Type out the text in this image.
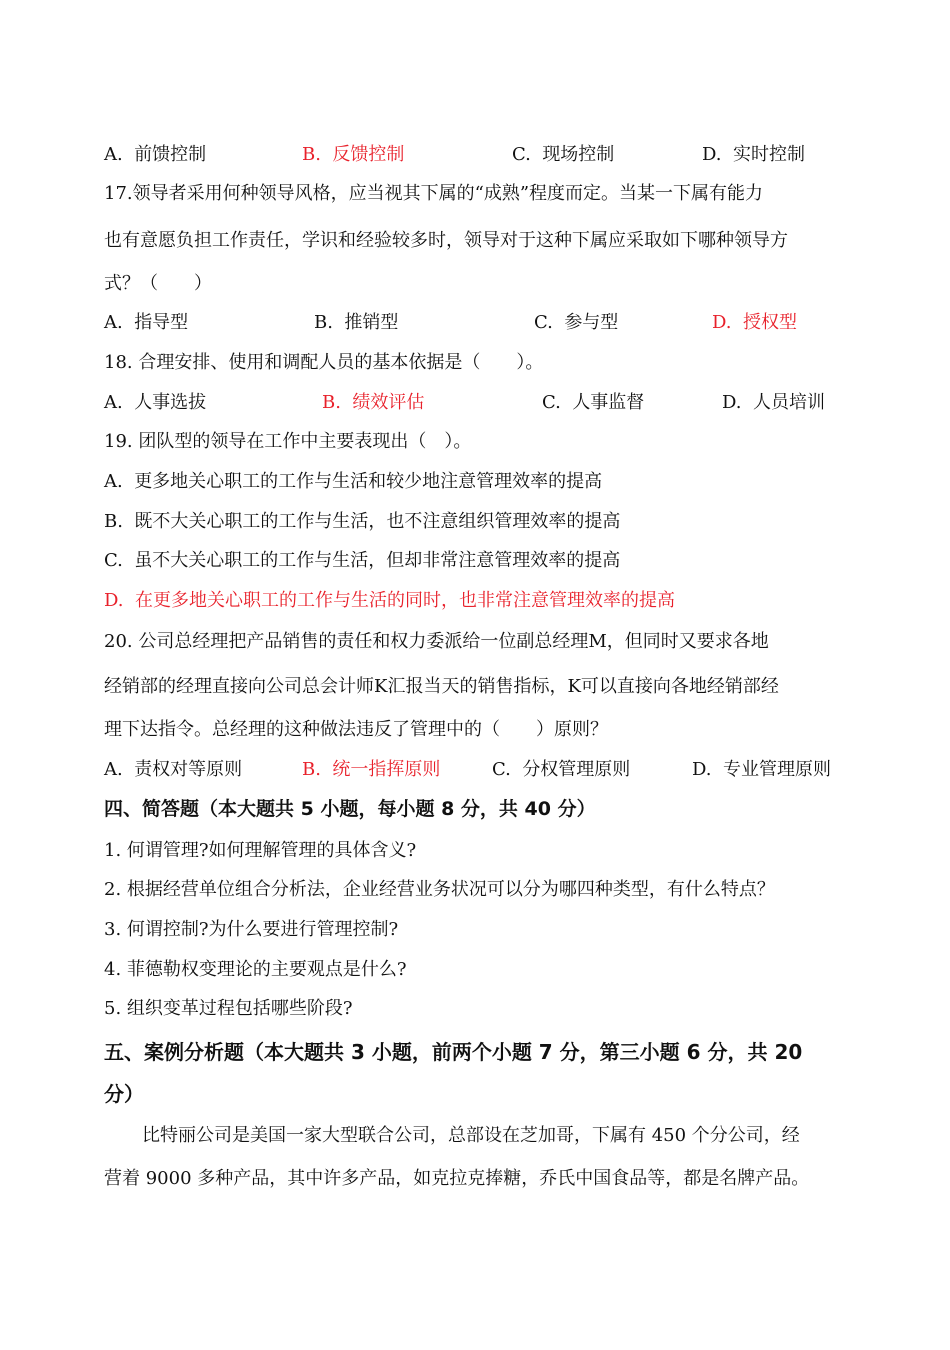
A. 前馈控制	B. 反馈控制	C. 现场控制	D. 实时控制
17.领导者采用何种领导风格，应当视其下属的“成熟”程度而定。当某一下属有能力
也有意愿负担工作责任，学识和经验较多时，领导对于这种下属应采取如下哪种领导方
式？（　　）
A. 指导型	B. 推销型	C. 参与型	D. 授权型
18. 合理安排、使用和调配人员的基本依据是（　　）。
A. 人事选拔	B. 绩效评估	C. 人事监督	D. 人员培训
19. 团队型的领导在工作中主要表现出（　）。
A. 更多地关心职工的工作与生活和较少地注意管理效率的提高
B. 既不大关心职工的工作与生活，也不注意组织管理效率的提高
C. 虽不大关心职工的工作与生活，但却非常注意管理效率的提高
D. 在更多地关心职工的工作与生活的同时，也非常注意管理效率的提高
20. 公司总经理把产品销售的责任和权力委派给一位副总经理M，但同时又要求各地
经销部的经理直接向公司总会计师K汇报当天的销售指标，K可以直接向各地经销部经
理下达指令。总经理的这种做法违反了管理中的（　　）原则？
A. 责权对等原则	B. 统一指挥原则	C. 分权管理原则	D. 专业管理原则
四、简答题（本大题共 5 小题，每小题 8 分，共 40 分）
1. 何谓管理?如何理解管理的具体含义?
2. 根据经营单位组合分析法，企业经营业务状况可以分为哪四种类型，有什么特点？
3. 何谓控制?为什么要进行管理控制?
4. 菲德勒权变理论的主要观点是什么?
5. 组织变革过程包括哪些阶段?
五、案例分析题（本大题共 3 小题，前两个小题 7 分，第三小题 6 分，共 20
分）
比特丽公司是美国一家大型联合公司，总部设在芝加哥，下属有 450 个分公司，经
营着 9000 多种产品，其中许多产品，如克拉克捧糖，乔氏中国食品等，都是名牌产品。
